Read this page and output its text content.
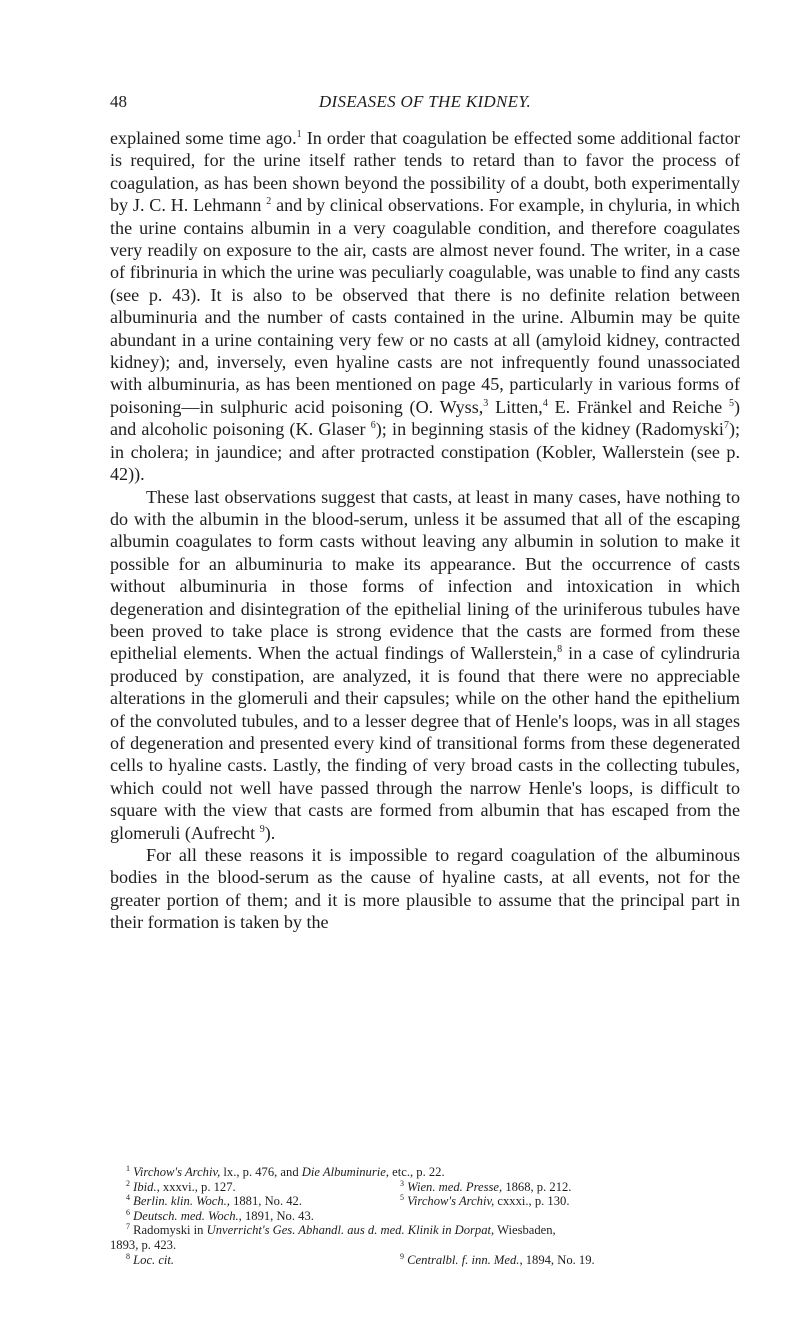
48	DISEASES OF THE KIDNEY.

explained some time ago.$^1$ In order that coagulation be effected some additional factor is required, for the urine itself rather tends to retard than to favor the process of coagulation, as has been shown beyond the possibility of a doubt, both experimentally by J. C. H. Lehmann $^2$ and by clinical observations. For example, in chyluria, in which the urine contains albumin in a very coagulable condition, and therefore coagulates very readily on exposure to the air, casts are almost never found. The writer, in a case of fibrinuria in which the urine was peculiarly coagulable, was unable to find any casts (see p. 43). It is also to be observed that there is no definite relation between albuminuria and the number of casts contained in the urine. Albumin may be quite abundant in a urine containing very few or no casts at all (amyloid kidney, contracted kidney); and, inversely, even hyaline casts are not infrequently found unassociated with albuminuria, as has been mentioned on page 45, particularly in various forms of poisoning—in sulphuric acid poisoning (O. Wyss,$^3$ Litten,$^4$ E. Fränkel and Reiche $^5$) and alcoholic poisoning (K. Glaser $^6$); in beginning stasis of the kidney (Radomyski$^7$); in cholera; in jaundice; and after protracted constipation (Kobler, Wallerstein (see p. 42)).

These last observations suggest that casts, at least in many cases, have nothing to do with the albumin in the blood-serum, unless it be assumed that all of the escaping albumin coagulates to form casts without leaving any albumin in solution to make it possible for an albuminuria to make its appearance. But the occurrence of casts without albuminuria in those forms of infection and intoxication in which degeneration and disintegration of the epithelial lining of the uriniferous tubules have been proved to take place is strong evidence that the casts are formed from these epithelial elements. When the actual findings of Wallerstein,$^8$ in a case of cylindruria produced by constipation, are analyzed, it is found that there were no appreciable alterations in the glomeruli and their capsules; while on the other hand the epithelium of the convoluted tubules, and to a lesser degree that of Henle's loops, was in all stages of degeneration and presented every kind of transitional forms from these degenerated cells to hyaline casts. Lastly, the finding of very broad casts in the collecting tubules, which could not well have passed through the narrow Henle's loops, is difficult to square with the view that casts are formed from albumin that has escaped from the glomeruli (Aufrecht $^9$).

For all these reasons it is impossible to regard coagulation of the albuminous bodies in the blood-serum as the cause of hyaline casts, at all events, not for the greater portion of them; and it is more plausible to assume that the principal part in their formation is taken by the

$^1$ Virchow's Archiv, lx., p. 476, and Die Albuminurie, etc., p. 22.
$^2$ Ibid., xxxvi., p. 127.	$^3$ Wien. med. Presse, 1868, p. 212.
$^4$ Berlin. klin. Woch., 1881, No. 42.	$^5$ Virchow's Archiv, cxxxi., p. 130.
$^6$ Deutsch. med. Woch., 1891, No. 43.
$^7$ Radomyski in Unverricht's Ges. Abhandl. aus d. med. Klinik in Dorpat, Wiesbaden,
1893, p. 423.
$^8$ Loc. cit.	$^9$ Centralbl. f. inn. Med., 1894, No. 19.
